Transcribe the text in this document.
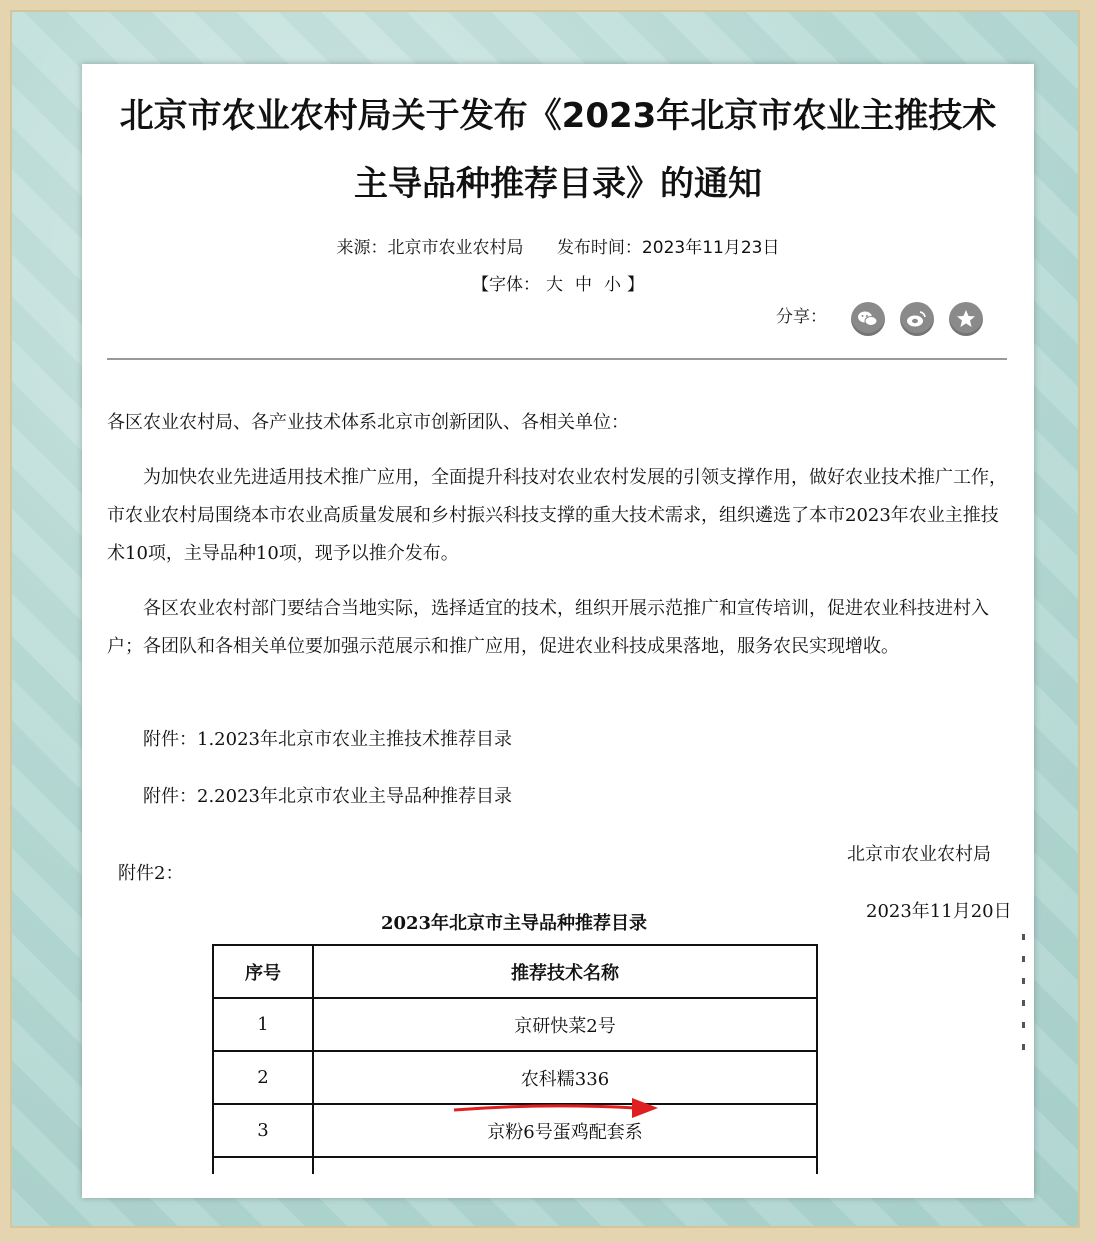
北京市农业农村局关于发布《2023年北京市农业主推技术
主导品种推荐目录》的通知
来源：北京市农业农村局 发布时间：2023年11月23日
【字体： 大 中 小 】
分享：
各区农业农村局、各产业技术体系北京市创新团队、各相关单位：
为加快农业先进适用技术推广应用，全面提升科技对农业农村发展的引领支撑作用，做好农业技术推广工作，市农业农村局围绕本市农业高质量发展和乡村振兴科技支撑的重大技术需求，组织遴选了本市2023年农业主推技术10项，主导品种10项，现予以推介发布。
各区农业农村部门要结合当地实际，选择适宜的技术，组织开展示范推广和宣传培训，促进农业科技进村入户；各团队和各相关单位要加强示范展示和推广应用，促进农业科技成果落地，服务农民实现增收。
附件：1.2023年北京市农业主推技术推荐目录
附件：2.2023年北京市农业主导品种推荐目录
北京市农业农村局
2023年11月20日
附件2：
2023年北京市主导品种推荐目录
序号	推荐技术名称
1	京研快菜2号
2	农科糯336
3	京粉6号蛋鸡配套系
